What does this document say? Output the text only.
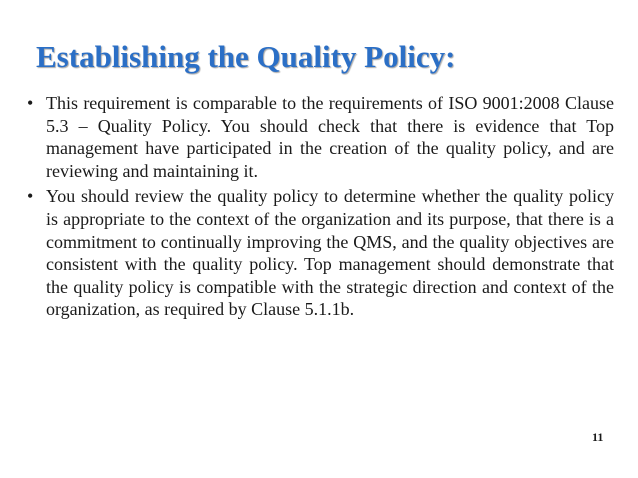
Establishing the Quality Policy:
• This requirement is comparable to the requirements of ISO 9001:2008 Clause 5.3 – Quality Policy. You should check that there is evidence that Top management have participated in the creation of the quality policy, and are reviewing and maintaining it.
• You should review the quality policy to determine whether the quality policy is appropriate to the context of the organization and its purpose, that there is a commitment to continually improving the QMS, and the quality objectives are consistent with the quality policy. Top management should demonstrate that the quality policy is compatible with the strategic direction and context of the organization, as required by Clause 5.1.1b.
11
